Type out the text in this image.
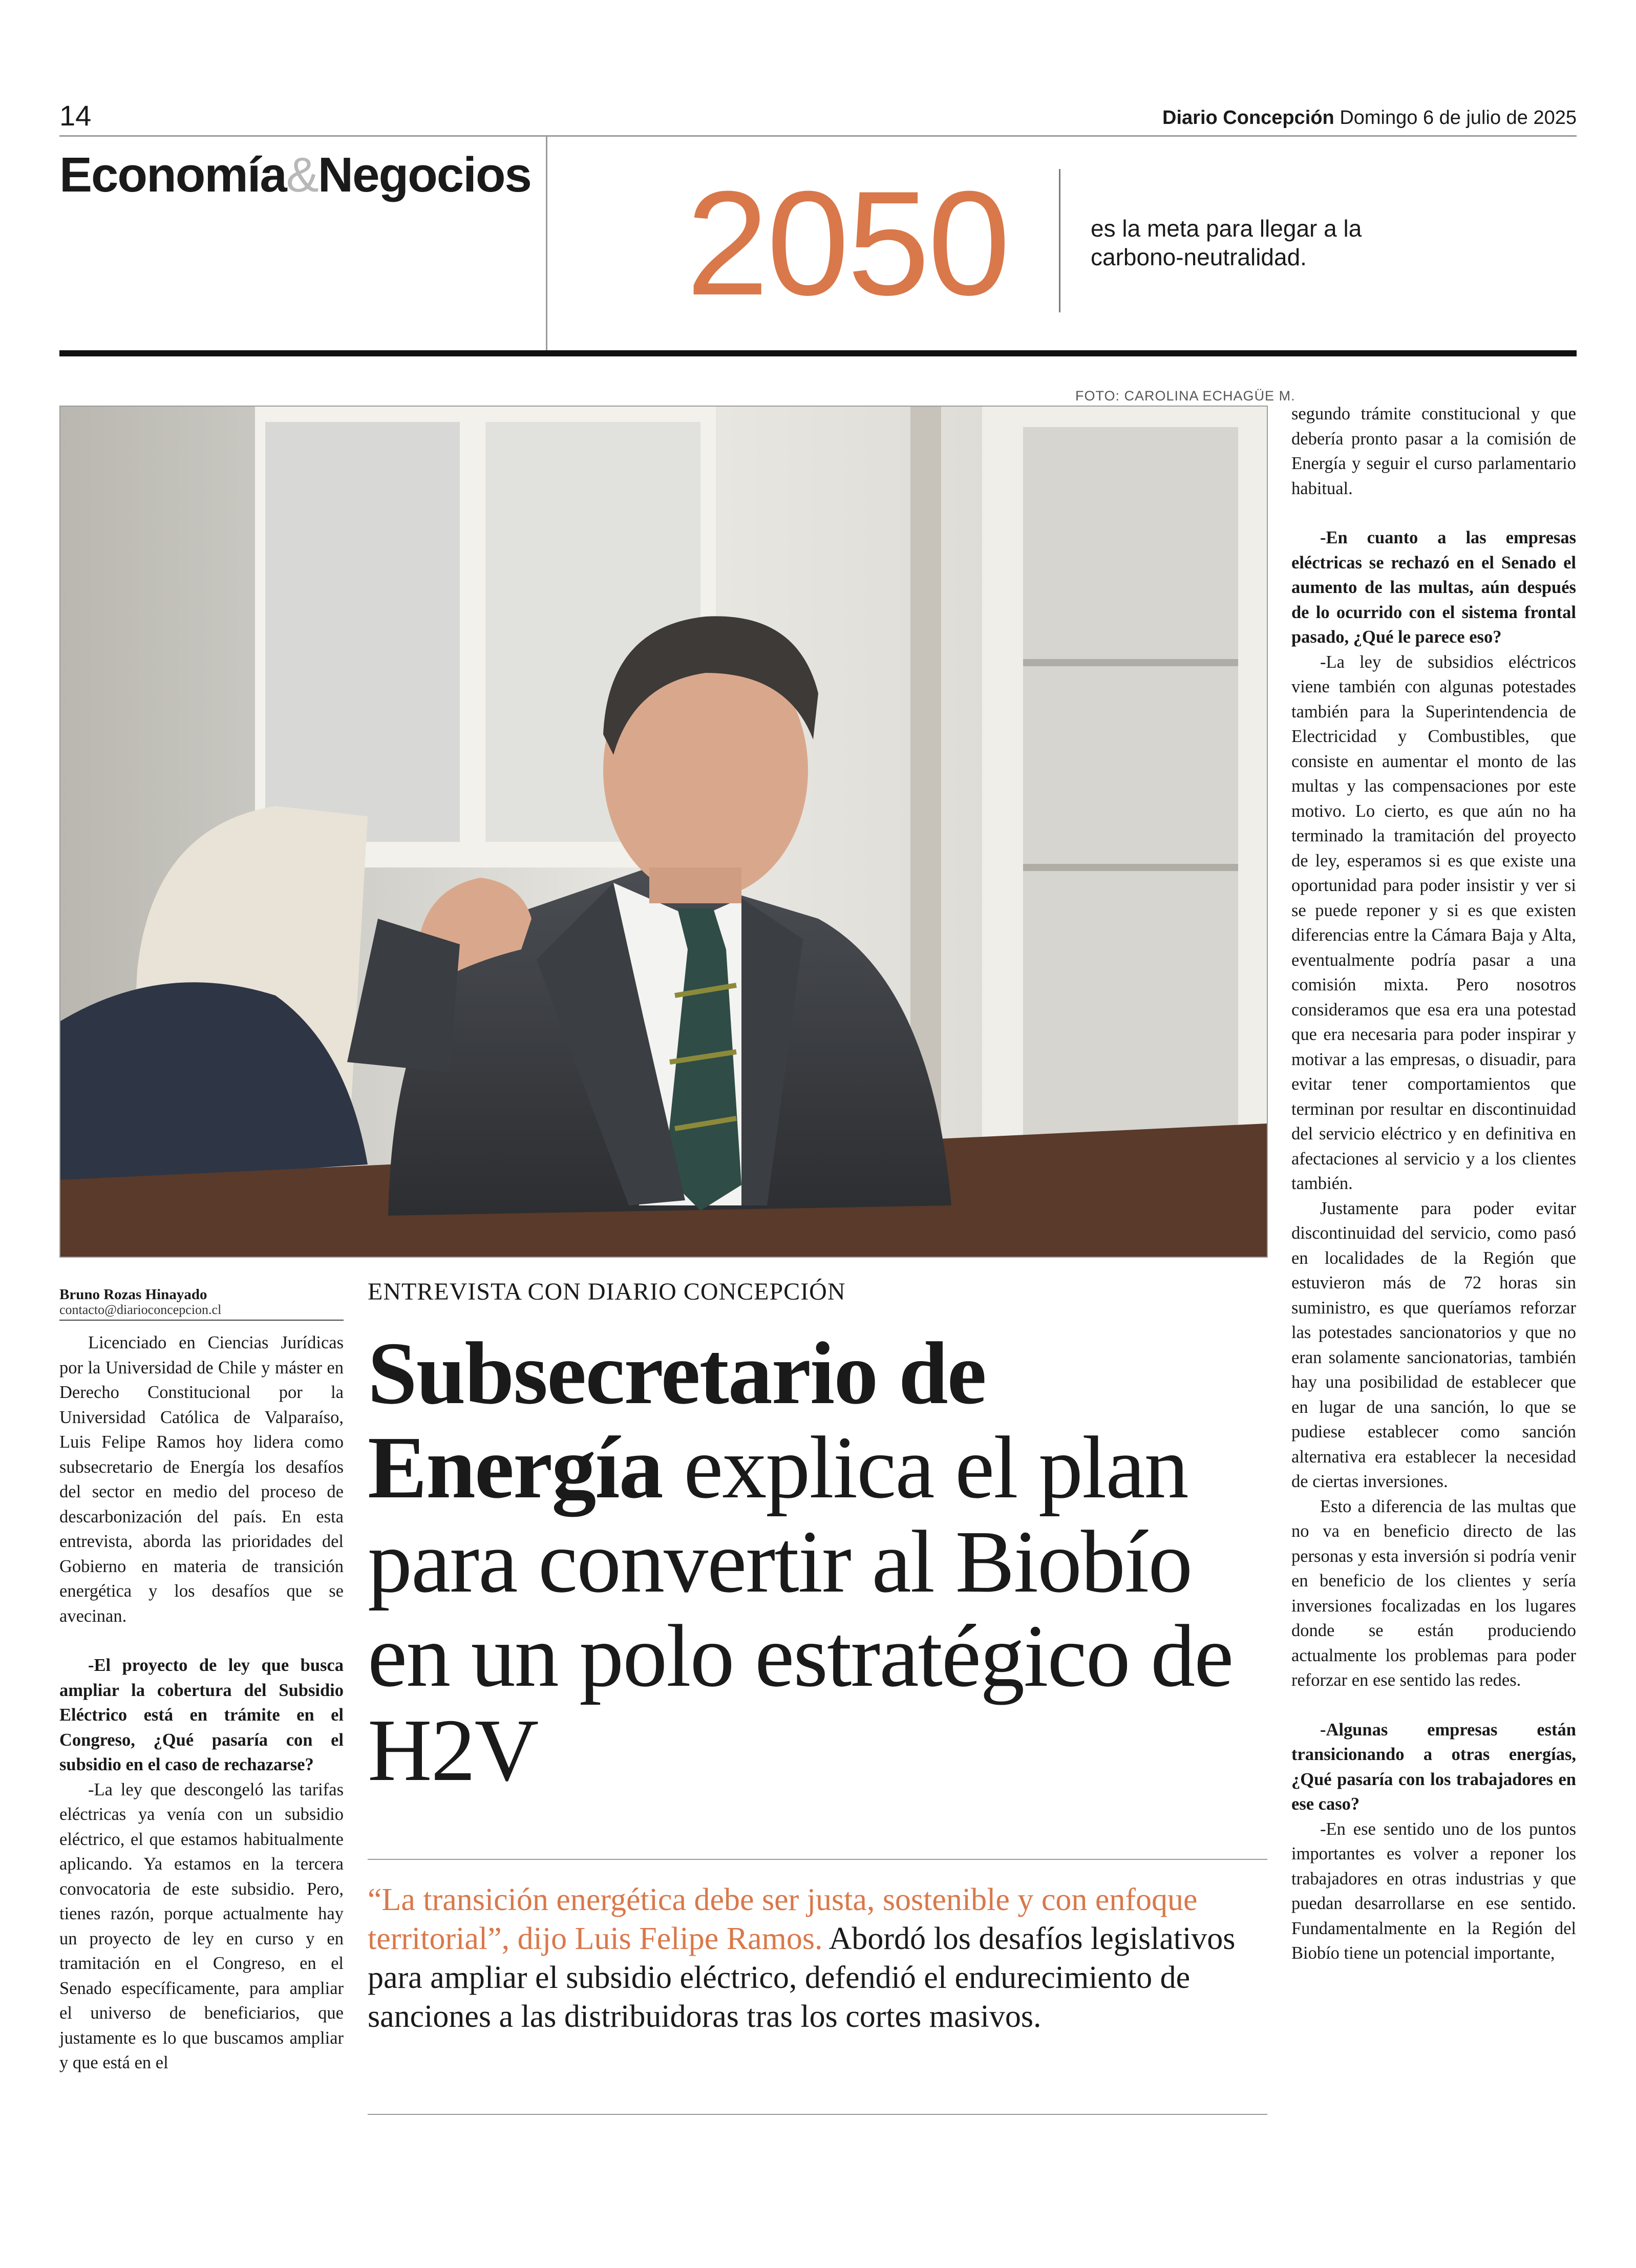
14	Diario Concepción Domingo 6 de julio de 2025
Economía&Negocios 2050	es la meta para llegar a la carbono-neutralidad.
FOTO: CAROLINA ECHAGÜE M.
Bruno Rozas Hinayado
contacto@diarioconcepcion.cl

Licenciado en Ciencias Jurídicas por la Universidad de Chile y máster en Derecho Constitucional por la Universidad Católica de Valparaíso, Luis Felipe Ramos hoy lidera como subsecretario de Energía los desafíos del sector en medio del proceso de descarbonización del país. En esta entrevista, aborda las prioridades del Gobierno en materia de transición energética y los desafíos que se avecinan.

-El proyecto de ley que busca ampliar la cobertura del Subsidio Eléctrico está en trámite en el Congreso, ¿Qué pasaría con el subsidio en el caso de rechazarse?

-La ley que descongeló las tarifas eléctricas ya venía con un subsidio eléctrico, el que estamos habitualmente aplicando. Ya estamos en la tercera convocatoria de este subsidio. Pero, tienes razón, porque actualmente hay un proyecto de ley en curso y en tramitación en el Congreso, en el Senado específicamente, para ampliar el universo de beneficiarios, que justamente es lo que buscamos ampliar y que está en el

ENTREVISTA CON DIARIO CONCEPCIÓN
Subsecretario de Energía explica el plan para convertir al Biobío en un polo estratégico de H2V
“La transición energética debe ser justa, sostenible y con enfoque territorial”, dijo Luis Felipe Ramos. Abordó los desafíos legislativos para ampliar el subsidio eléctrico, defendió el endurecimiento de sanciones a las distribuidoras tras los cortes masivos.

segundo trámite constitucional y que debería pronto pasar a la comisión de Energía y seguir el curso parlamentario habitual.

-En cuanto a las empresas eléctricas se rechazó en el Senado el aumento de las multas, aún después de lo ocurrido con el sistema frontal pasado, ¿Qué le parece eso?

-La ley de subsidios eléctricos viene también con algunas potestades también para la Superintendencia de Electricidad y Combustibles, que consiste en aumentar el monto de las multas y las compensaciones por este motivo. Lo cierto, es que aún no ha terminado la tramitación del proyecto de ley, esperamos si es que existe una oportunidad para poder insistir y ver si se puede reponer y si es que existen diferencias entre la Cámara Baja y Alta, eventualmente podría pasar a una comisión mixta. Pero nosotros consideramos que esa era una potestad que era necesaria para poder inspirar y motivar a las empresas, o disuadir, para evitar tener comportamientos que terminan por resultar en discontinuidad del servicio eléctrico y en definitiva en afectaciones al servicio y a los clientes también.

Justamente para poder evitar discontinuidad del servicio, como pasó en localidades de la Región que estuvieron más de 72 horas sin suministro, es que queríamos reforzar las potestades sancionatorios y que no eran solamente sancionatorias, también hay una posibilidad de establecer que en lugar de una sanción, lo que se pudiese establecer como sanción alternativa era establecer la necesidad de ciertas inversiones.

Esto a diferencia de las multas que no va en beneficio directo de las personas y esta inversión si podría venir en beneficio de los clientes y sería inversiones focalizadas en los lugares donde se están produciendo actualmente los problemas para poder reforzar en ese sentido las redes.

-Algunas empresas están transicionando a otras energías, ¿Qué pasaría con los trabajadores en ese caso?

-En ese sentido uno de los puntos importantes es volver a reponer los trabajadores en otras industrias y que puedan desarrollarse en ese sentido. Fundamentalmente en la Región del Biobío tiene un potencial importante,
